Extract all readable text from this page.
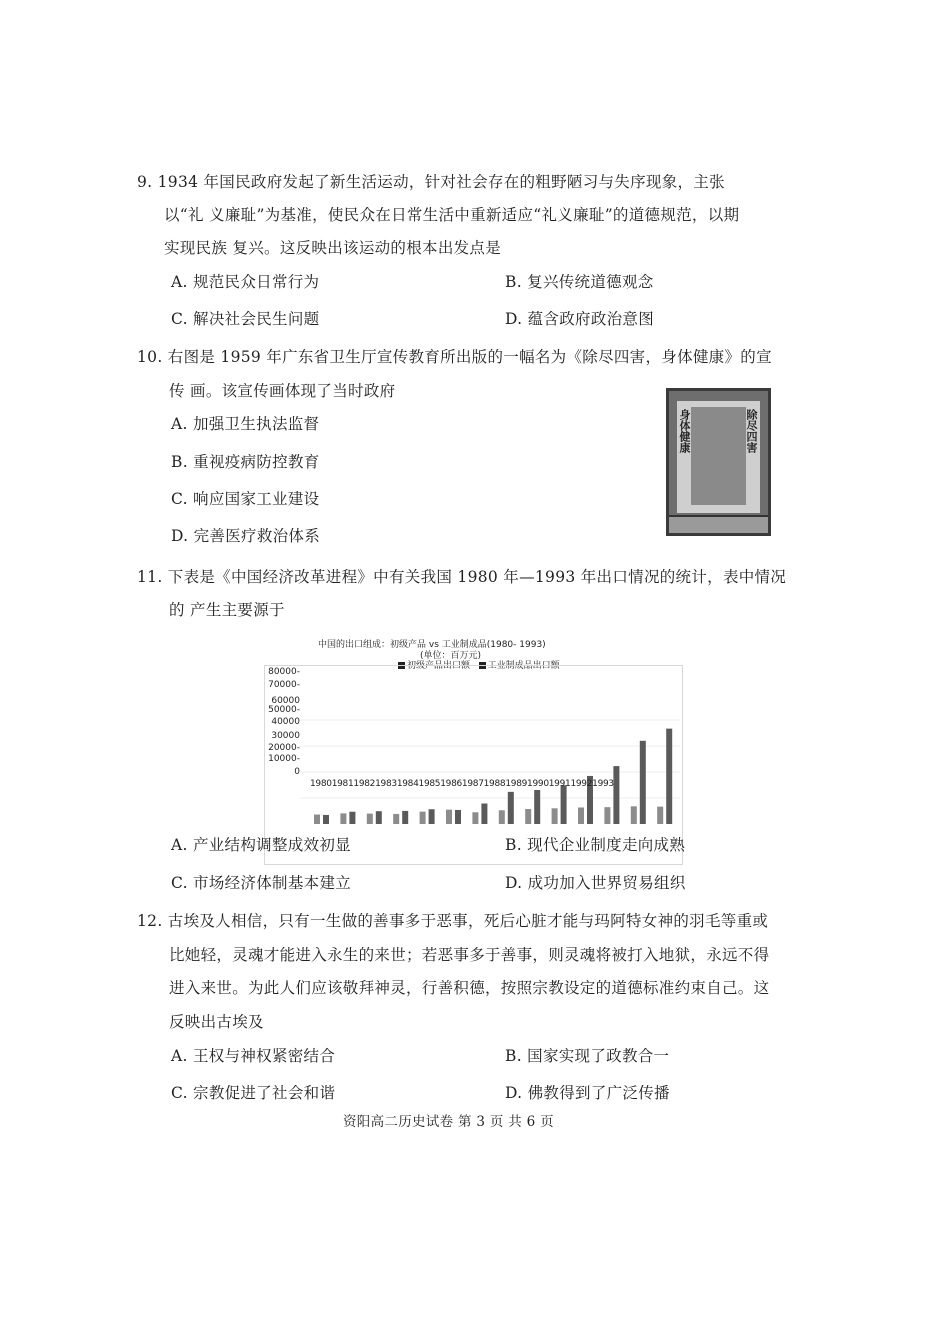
9. 1934 年国民政府发起了新生活运动，针对社会存在的粗野陋习与失序现象，主张
以“礼 义廉耻”为基准，使民众在日常生活中重新适应“礼义廉耻”的道德规范，以期
实现民族 复兴。这反映出该运动的根本出发点是
A. 规范民众日常行为	B. 复兴传统道德观念
C. 解决社会民生问题	D. 蕴含政府政治意图
10. 右图是 1959 年广东省卫生厅宣传教育所出版的一幅名为《除尽四害，身体健康》的宣
传 画。该宣传画体现了当时政府
A. 加强卫生执法监督
B. 重视疫病防控教育
C. 响应国家工业建设
D. 完善医疗救治体系
身体健康	除尽四害
11. 下表是《中国经济改革进程》中有关我国 1980 年—1993 年出口情况的统计，表中情况
的 产生主要源于
中国的出口组成：初级产品 vs 工业制成品(1980- 1993)
(单位：百万元)
初级产品出口额 工业制成品出口额
80000-
70000-
60000
50000-
40000
30000
20000-
10000-
0
19801981198219831984198519861987198819891990199119921993
A. 产业结构调整成效初显	B. 现代企业制度走向成熟
C. 市场经济体制基本建立	D. 成功加入世界贸易组织
12. 古埃及人相信，只有一生做的善事多于恶事，死后心脏才能与玛阿特女神的羽毛等重或
比她轻，灵魂才能进入永生的来世；若恶事多于善事，则灵魂将被打入地狱，永远不得
进入来世。为此人们应该敬拜神灵，行善积德，按照宗教设定的道德标准约束自己。这
反映出古埃及
A. 王权与神权紧密结合	B. 国家实现了政教合一
C. 宗教促进了社会和谐	D. 佛教得到了广泛传播
资阳高二历史试卷 第 3 页 共 6 页
